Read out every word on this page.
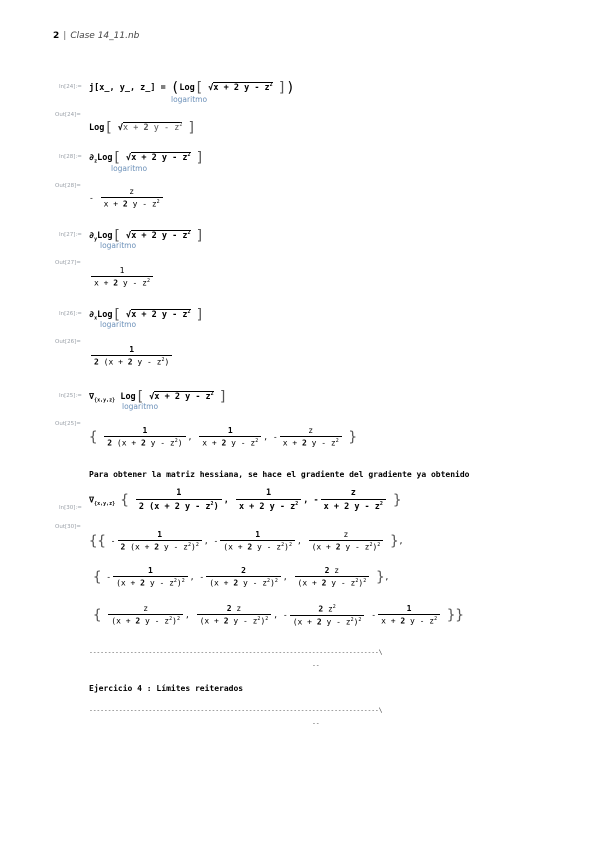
2 | Clase 14_11.nb
In[24]:= j[x_, y_, z_] = (Log[ √x + 2 y - $z^2$ ])
logaritmo
Out[24]=
Log[ √x + 2 y - $z^2$ ]
In[28]:= $\partial_zLog$[ √x + 2 y - $z^2$ ]
logaritmo
Out[28]=
- $\frac{z}{x + 2 y - z^2}$
In[27]:= $\partial_yLog$[ √x + 2 y - $z^2$ ]
logaritmo
Out[27]=
$\frac{1}{x + 2 y - z^2}$
In[26]:= $\partial_xLog$[ √x + 2 y - $z^2$ ]
logaritmo
Out[26]=
$\frac{1}{2 (x + 2 y - z^2)}$
In[25]:= $\nabla_{\{x,y,z\}}$ Log[ √x + 2 y - $z^2$ ]
logaritmo
Out[25]=
{ $\frac{1}{2 (x + 2 y - z^2)}$ , $\frac{1}{x + 2 y - z^2}$ , - $\frac{z}{x + 2 y - z^2}$ }
Para obtener la matriz hessiana, se hace el gradiente del gradiente ya obtenido
In[30]:=
$\nabla_{\{x,y,z\}}$ { $\frac{1}{2 (x + 2 y - z^2)}$ , $\frac{1}{x + 2 y - z^2}$ , - $\frac{z}{x + 2 y - z^2}$ }
Out[30]=
{{ - $\frac{1}{2 (x + 2 y - z^2)^2}$ , - $\frac{1}{(x + 2 y - z^2)^2}$ , $\frac{z}{(x + 2 y - z^2)^2}$ },
{ - $\frac{1}{(x + 2 y - z^2)^2}$ , - $\frac{2}{(x + 2 y - z^2)^2}$ , $\frac{2 z}{(x + 2 y - z^2)^2}$ },
{ $\frac{z}{(x + 2 y - z^2)^2}$ , $\frac{2 z}{(x + 2 y - z^2)^2}$ , - $\frac{2 z^2}{(x + 2 y - z^2)^2} - \frac{1}{x + 2 y - z^2}$ }}
------------------------------------------------------------------------------\
--
Ejercicio 4 : Límites reiterados
------------------------------------------------------------------------------\
--
